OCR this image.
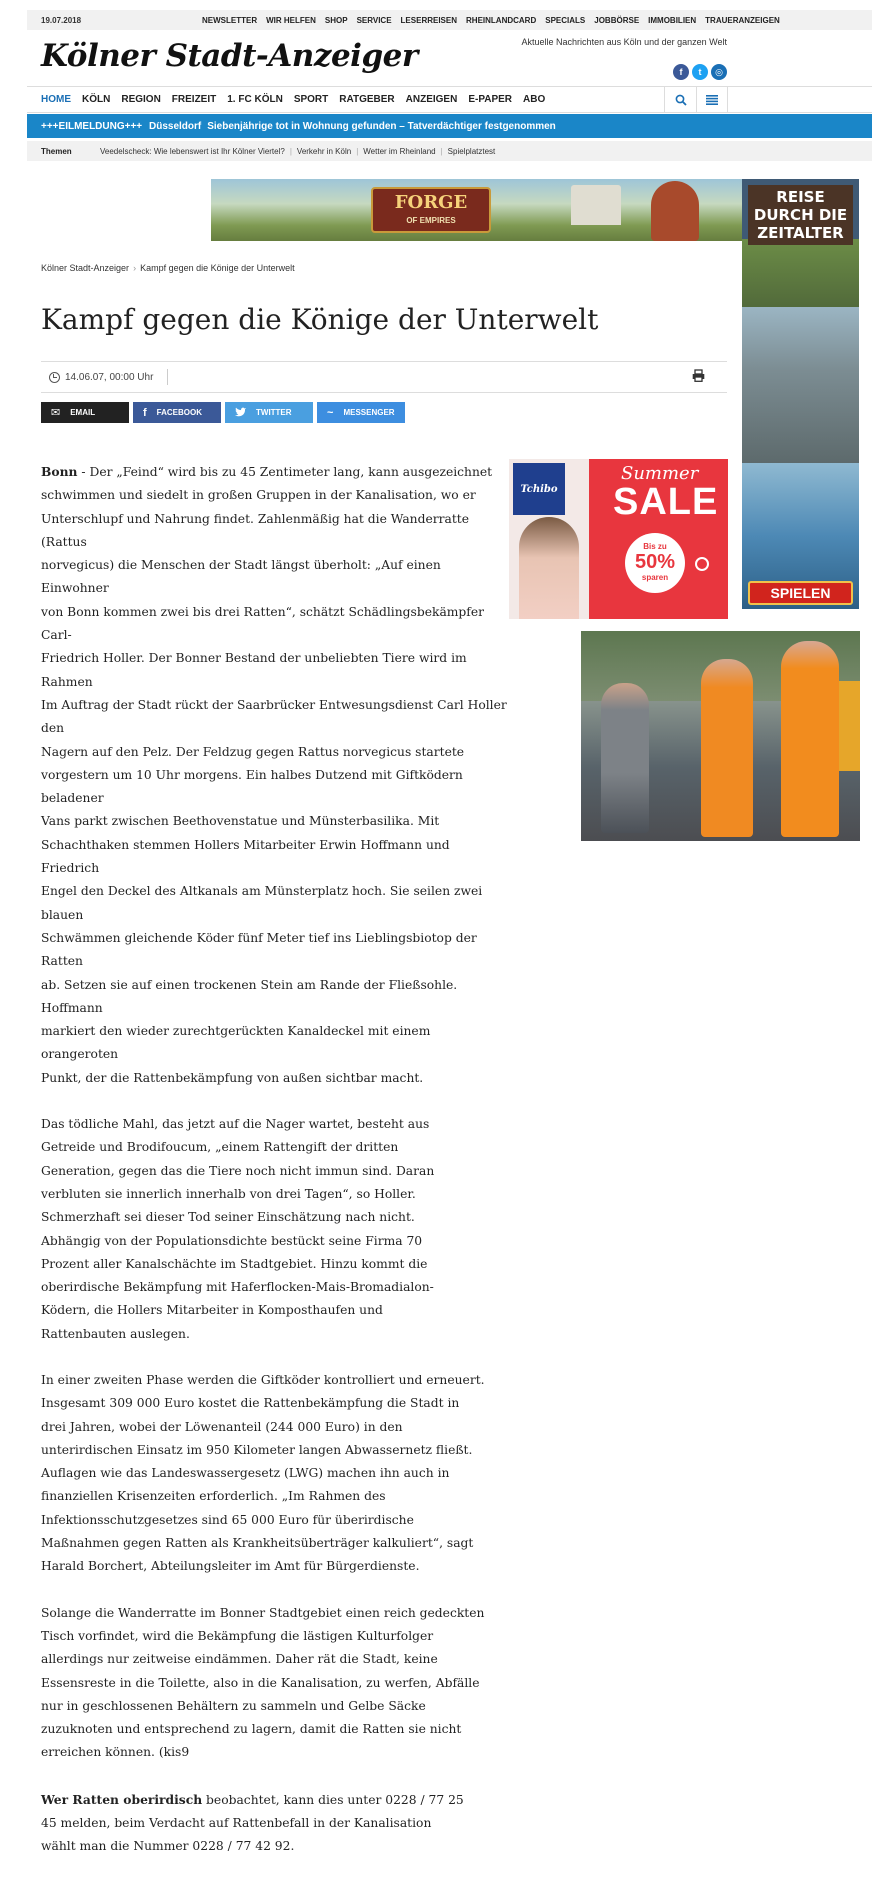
19.07.2018	NEWSLETTER WIR HELFEN SHOP SERVICE LESERREISEN RHEINLANDCARD SPECIALS JOBBÖRSE IMMOBILIEN TRAUERANZEIGEN
Kölner Stadt-Anzeiger	Aktuelle Nachrichten aus Köln und der ganzen Welt
f	t	◎
HOME KÖLN REGION FREIZEIT 1. FC KÖLN SPORT RATGEBER ANZEIGEN E-PAPER ABO
+++EILMELDUNG+++ Düsseldorf Siebenjährige tot in Wohnung gefunden – Tatverdächtiger festgenommen
Themen	Veedelscheck: Wie lebenswert ist Ihr Kölner Viertel? | Verkehr in Köln | Wetter im Rheinland | Spielplatztest
FORGE
OF EMPIRES
REISE DURCH DIE ZEITALTER
SPIELEN
Kölner Stadt-Anzeiger › Kampf gegen die Könige der Unterwelt
Kampf gegen die Könige der Unterwelt
14.06.07, 00:00 Uhr
✉ EMAIL	f FACEBOOK	TWITTER	~ MESSENGER
Tchibo
Summer
SALE
Bis zu
50%
sparen
Bonn - Der „Feind“ wird bis zu 45 Zentimeter lang, kann ausgezeichnet
schwimmen und siedelt in großen Gruppen in der Kanalisation, wo er
Unterschlupf und Nahrung findet. Zahlenmäßig hat die Wanderratte (Rattus
norvegicus) die Menschen der Stadt längst überholt: „Auf einen Einwohner
von Bonn kommen zwei bis drei Ratten“, schätzt Schädlingsbekämpfer Carl-
Friedrich Holler. Der Bonner Bestand der unbeliebten Tiere wird im Rahmen
Im Auftrag der Stadt rückt der Saarbrücker Entwesungsdienst Carl Holler den
Nagern auf den Pelz. Der Feldzug gegen Rattus norvegicus startete
vorgestern um 10 Uhr morgens. Ein halbes Dutzend mit Giftködern beladener
Vans parkt zwischen Beethovenstatue und Münsterbasilika. Mit
Schachthaken stemmen Hollers Mitarbeiter Erwin Hoffmann und Friedrich
Engel den Deckel des Altkanals am Münsterplatz hoch. Sie seilen zwei blauen
Schwämmen gleichende Köder fünf Meter tief ins Lieblingsbiotop der Ratten
ab. Setzen sie auf einen trockenen Stein am Rande der Fließsohle. Hoffmann
markiert den wieder zurechtgerückten Kanaldeckel mit einem orangeroten
Punkt, der die Rattenbekämpfung von außen sichtbar macht.

Das tödliche Mahl, das jetzt auf die Nager wartet, besteht aus Getreide und Brodifoucum, „einem Rattengift der dritten Generation, gegen das die Tiere noch nicht immun sind. Daran verbluten sie innerlich innerhalb von drei Tagen“, so Holler. Schmerzhaft sei dieser Tod seiner Einschätzung nach nicht. Abhängig von der Populationsdichte bestückt seine Firma 70 Prozent aller Kanalschächte im Stadtgebiet. Hinzu kommt die oberirdische Bekämpfung mit Haferflocken-Mais-Bromadialon-Ködern, die Hollers Mitarbeiter in Komposthaufen und Rattenbauten auslegen.

In einer zweiten Phase werden die Giftköder kontrolliert und erneuert. Insgesamt 309 000 Euro kostet die Rattenbekämpfung die Stadt in drei Jahren, wobei der Löwenanteil (244 000 Euro) in den unterirdischen Einsatz im 950 Kilometer langen Abwassernetz fließt. Auflagen wie das Landeswassergesetz (LWG) machen ihn auch in finanziellen Krisenzeiten erforderlich. „Im Rahmen des Infektionsschutzgesetzes sind 65 000 Euro für überirdische Maßnahmen gegen Ratten als Krankheitsüberträger kalkuliert“, sagt Harald Borchert, Abteilungsleiter im Amt für Bürgerdienste.

Solange die Wanderratte im Bonner Stadtgebiet einen reich gedeckten Tisch vorfindet, wird die Bekämpfung die lästigen Kulturfolger allerdings nur zeitweise eindämmen. Daher rät die Stadt, keine Essensreste in die Toilette, also in die Kanalisation, zu werfen, Abfälle nur in geschlossenen Behältern zu sammeln und Gelbe Säcke zuzuknoten und entsprechend zu lagern, damit die Ratten sie nicht erreichen können. (kis9

Wer Ratten oberirdisch beobachtet, kann dies unter 0228 / 77 25 45 melden, beim Verdacht auf Rattenbefall in der Kanalisation wählt man die Nummer 0228 / 77 42 92.
